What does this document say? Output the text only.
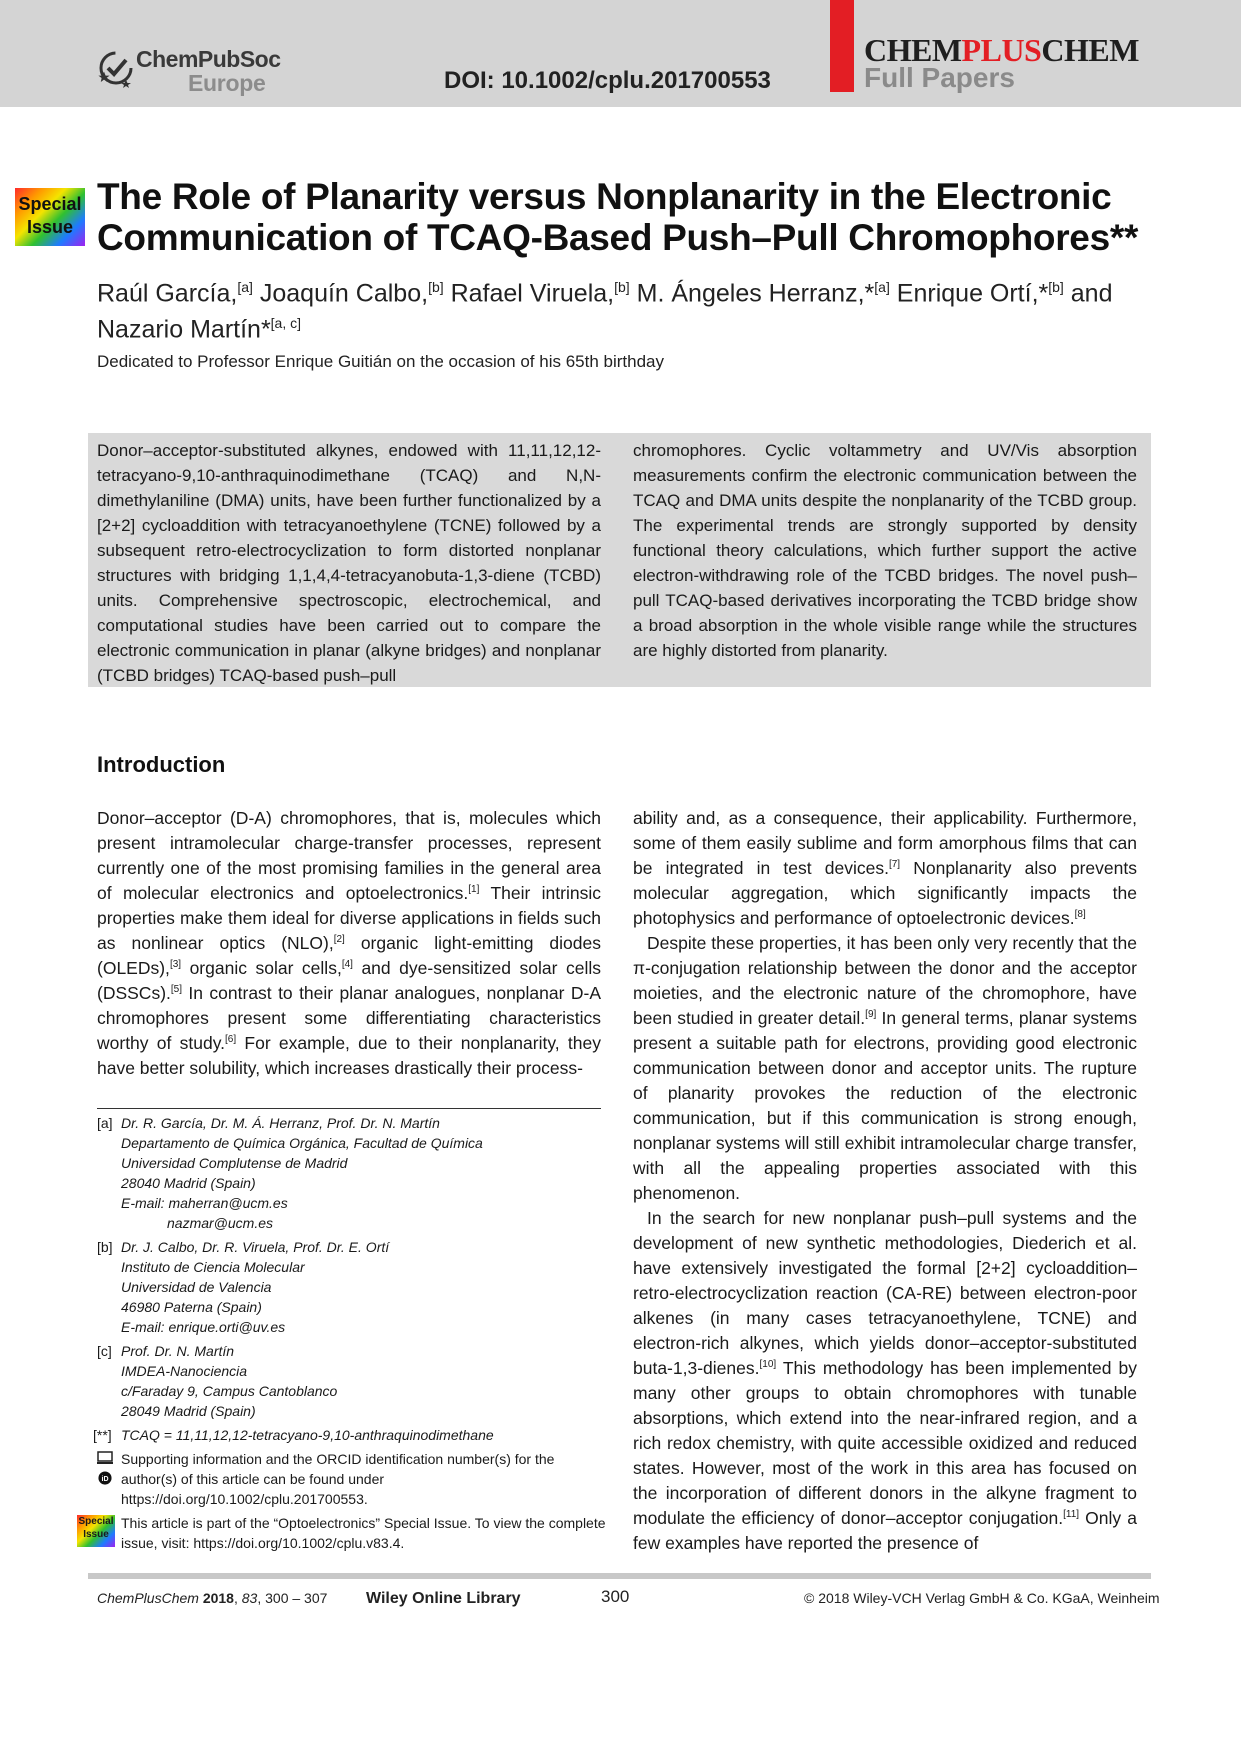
ChemPubSoc
Europe	DOI: 10.1002/cplu.201700553
CHEMPLUSCHEM
Full Papers
Special
Issue
The Role of Planarity versus Nonplanarity in the Electronic Communication of TCAQ-Based Push–Pull Chromophores**
Raúl García,[a] Joaquín Calbo,[b] Rafael Viruela,[b] M. Ángeles Herranz,*[a] Enrique Ortí,*[b] and
Nazario Martín*[a, c]
Dedicated to Professor Enrique Guitián on the occasion of his 65th birthday
Donor–acceptor-substituted alkynes, endowed with 11,11,12,12-tetracyano-9,10-anthraquinodimethane (TCAQ) and N,N-dimethylaniline (DMA) units, have been further functionalized by a [2+2] cycloaddition with tetracyanoethylene (TCNE) followed by a subsequent retro-electrocyclization to form distorted nonplanar structures with bridging 1,1,4,4-tetracyanobuta-1,3-diene (TCBD) units. Comprehensive spectroscopic, electrochemical, and computational studies have been carried out to compare the electronic communication in planar (alkyne bridges) and nonplanar (TCBD bridges) TCAQ-based push–pull
chromophores. Cyclic voltammetry and UV/Vis absorption measurements confirm the electronic communication between the TCAQ and DMA units despite the nonplanarity of the TCBD group. The experimental trends are strongly supported by density functional theory calculations, which further support the active electron-withdrawing role of the TCBD bridges. The novel push–pull TCAQ-based derivatives incorporating the TCBD bridge show a broad absorption in the whole visible range while the structures are highly distorted from planarity.
Introduction

Donor–acceptor (D-A) chromophores, that is, molecules which present intramolecular charge-transfer processes, represent currently one of the most promising families in the general area of molecular electronics and optoelectronics.[1] Their intrinsic properties make them ideal for diverse applications in fields such as nonlinear optics (NLO),[2] organic light-emitting diodes (OLEDs),[3] organic solar cells,[4] and dye-sensitized solar cells (DSSCs).[5] In contrast to their planar analogues, nonplanar D-A chromophores present some differentiating characteristics worthy of study.[6] For example, due to their nonplanarity, they have better solubility, which increases drastically their process-

ability and, as a consequence, their applicability. Furthermore, some of them easily sublime and form amorphous films that can be integrated in test devices.[7] Nonplanarity also prevents molecular aggregation, which significantly impacts the photophysics and performance of optoelectronic devices.[8]

Despite these properties, it has been only very recently that the π-conjugation relationship between the donor and the acceptor moieties, and the electronic nature of the chromophore, have been studied in greater detail.[9] In general terms, planar systems present a suitable path for electrons, providing good electronic communication between donor and acceptor units. The rupture of planarity provokes the reduction of the electronic communication, but if this communication is strong enough, nonplanar systems will still exhibit intramolecular charge transfer, with all the appealing properties associated with this phenomenon.

In the search for new nonplanar push–pull systems and the development of new synthetic methodologies, Diederich et al. have extensively investigated the formal [2+2] cycloaddition–retro-electrocyclization reaction (CA-RE) between electron-poor alkenes (in many cases tetracyanoethylene, TCNE) and electron-rich alkynes, which yields donor–acceptor-substituted buta-1,3-dienes.[10] This methodology has been implemented by many other groups to obtain chromophores with tunable absorptions, which extend into the near-infrared region, and a rich redox chemistry, with quite accessible oxidized and reduced states. However, most of the work in this area has focused on the incorporation of different donors in the alkyne fragment to modulate the efficiency of donor–acceptor conjugation.[11] Only a few examples have reported the presence of

[a] Dr. R. García, Dr. M. Á. Herranz, Prof. Dr. N. Martín
Departamento de Química Orgánica, Facultad de Química
Universidad Complutense de Madrid
28040 Madrid (Spain)
E-mail: maherran@ucm.es
nazmar@ucm.es
[b] Dr. J. Calbo, Dr. R. Viruela, Prof. Dr. E. Ortí
Instituto de Ciencia Molecular
Universidad de Valencia
46980 Paterna (Spain)
E-mail: enrique.orti@uv.es
[c] Prof. Dr. N. Martín
IMDEA-Nanociencia
c/Faraday 9, Campus Cantoblanco
28049 Madrid (Spain)
[**] TCAQ = 11,11,12,12-tetracyano-9,10-anthraquinodimethane
iD
Supporting information and the ORCID identification number(s) for the author(s) of this article can be found under https://doi.org/10.1002/cplu.201700553.
Special
Issue
This article is part of the “Optoelectronics” Special Issue. To view the complete issue, visit: https://doi.org/10.1002/cplu.v83.4.
ChemPlusChem 2018, 83, 300 – 307 Wiley Online Library	300	© 2018 Wiley-VCH Verlag GmbH & Co. KGaA, Weinheim
